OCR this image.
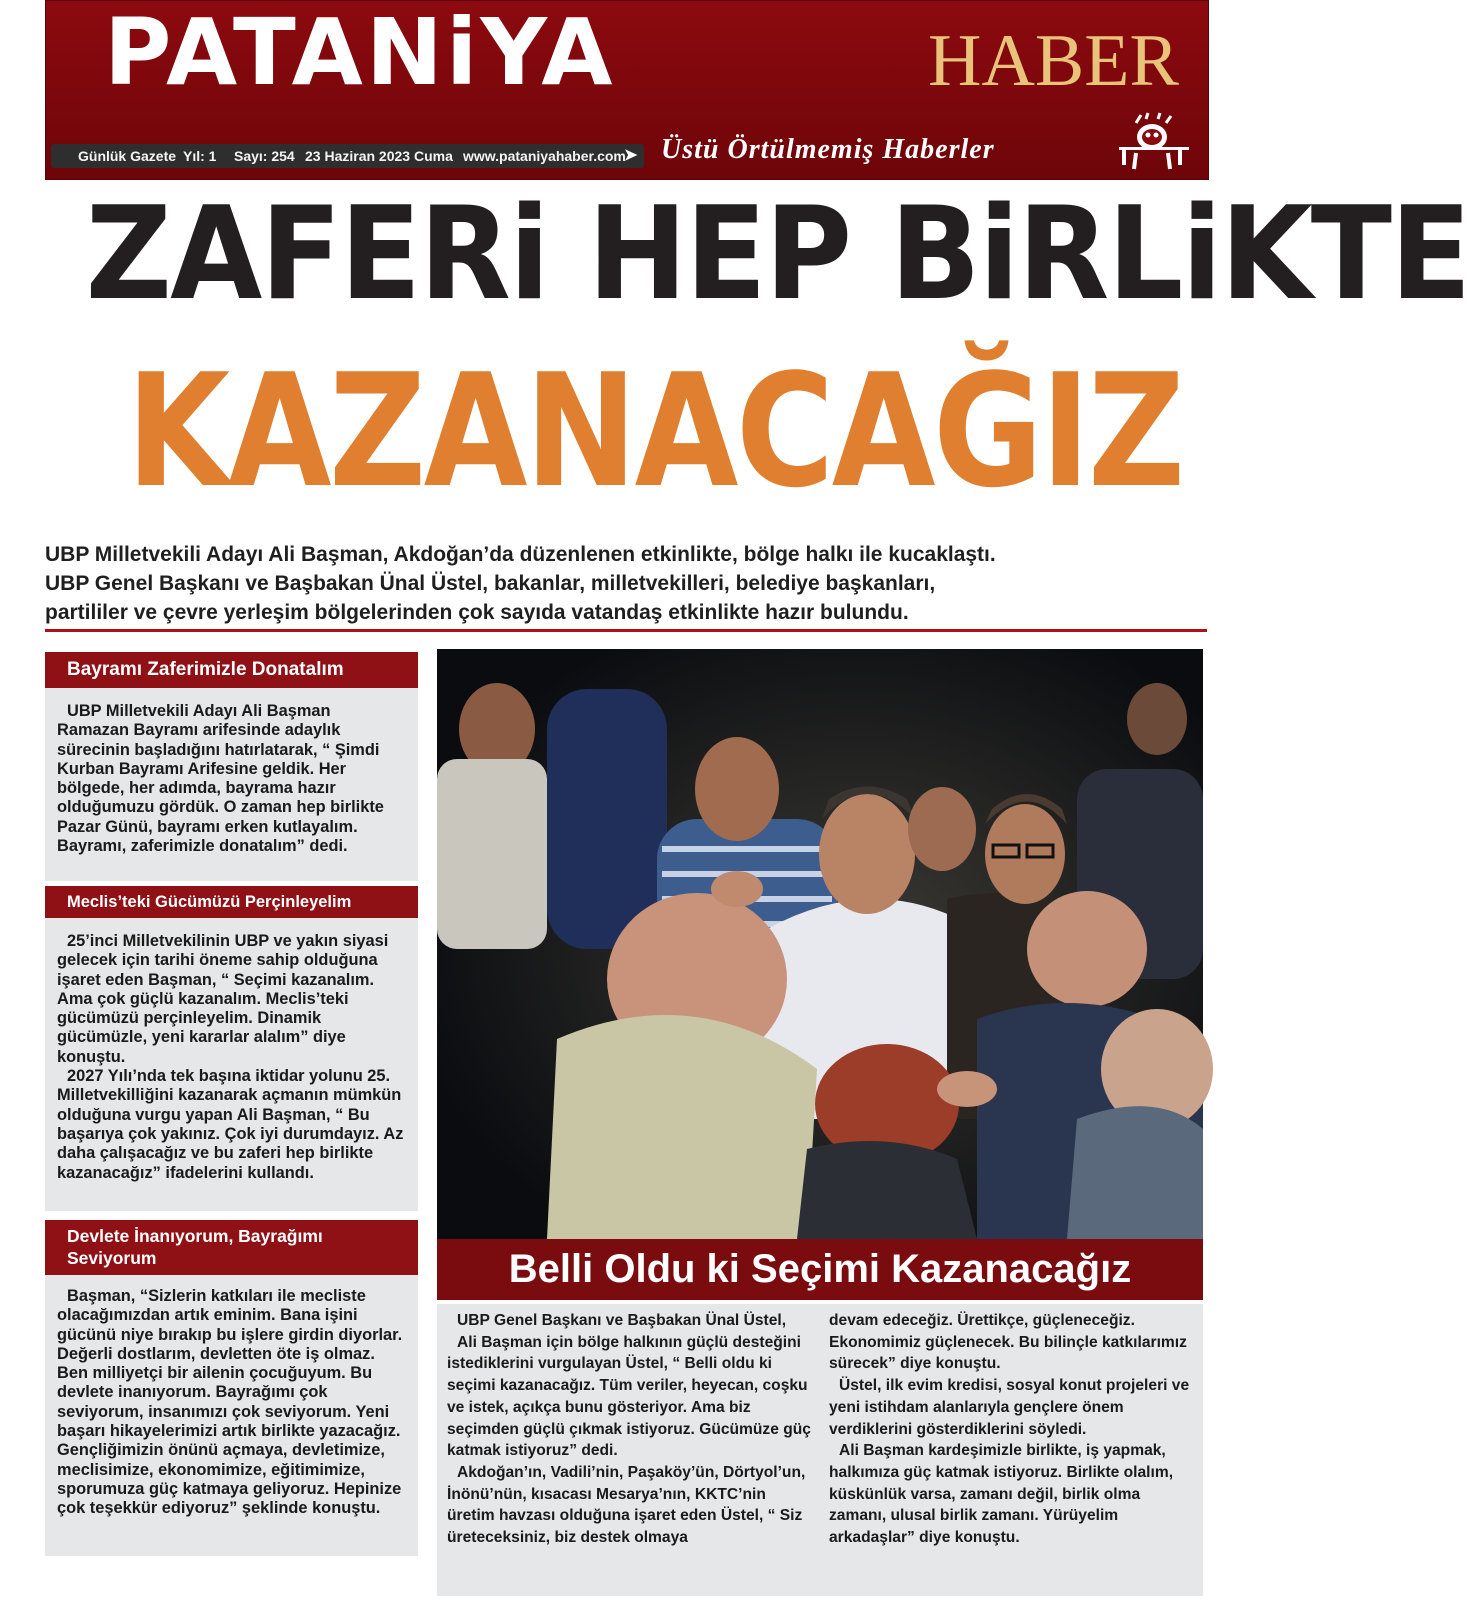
PATANiYA	HABER
Günlük Gazete Yıl: 1 Sayı: 254 23 Haziran 2023 Cuma www.pataniyahaber.com
➤ Üstü Örtülmemiş Haberler
ZAFERi HEP BiRLiKTE
KAZANACAĞIZ
UBP Milletvekili Adayı Ali Başman, Akdoğan’da düzenlenen etkinlikte, bölge halkı ile kucaklaştı.
UBP Genel Başkanı ve Başbakan Ünal Üstel, bakanlar, milletvekilleri, belediye başkanları,
partililer ve çevre yerleşim bölgelerinden çok sayıda vatandaş etkinlikte hazır bulundu.
Bayramı Zaferimizle Donatalım

UBP Milletvekili Adayı Ali Başman Ramazan Bayramı arifesinde adaylık sürecinin başladığını hatırlatarak, “ Şimdi Kurban Bayramı Arifesine geldik. Her bölgede, her adımda, bayrama hazır olduğumuzu gördük. O zaman hep birlikte Pazar Günü, bayramı erken kutlayalım. Bayramı, zaferimizle donatalım” dedi.

Meclis’teki Gücümüzü Perçinleyelim

25’inci Milletvekilinin UBP ve yakın siyasi gelecek için tarihi öneme sahip olduğuna işaret eden Başman, “ Seçimi kazanalım. Ama çok güçlü kazanalım. Meclis’teki gücümüzü perçinleyelim. Dinamik gücümüzle, yeni kararlar alalım” diye konuştu.

2027 Yılı’nda tek başına iktidar yolunu 25. Milletvekilliğini kazanarak açmanın mümkün olduğuna vurgu yapan Ali Başman, “ Bu başarıya çok yakınız. Çok iyi durumdayız. Az daha çalışacağız ve bu zaferi hep birlikte kazanacağız” ifadelerini kullandı.

Devlete İnanıyorum, Bayrağımı Seviyorum

Başman, “Sizlerin katkıları ile mecliste olacağımızdan artık eminim. Bana işini gücünü niye bırakıp bu işlere girdin diyorlar. Değerli dostlarım, devletten öte iş olmaz. Ben milliyetçi bir ailenin çocuğuyum. Bu devlete inanıyorum. Bayrağımı çok seviyorum, insanımızı çok seviyorum. Yeni başarı hikayelerimizi artık birlikte yazacağız. Gençliğimizin önünü açmaya, devletimize, meclisimize, ekonomimize, eğitimimize, sporumuza güç katmaya geliyoruz. Hepinize çok teşekkür ediyoruz” şeklinde konuştu.

Belli Oldu ki Seçimi Kazanacağız

UBP Genel Başkanı ve Başbakan Ünal Üstel,

Ali Başman için bölge halkının güçlü desteğini istediklerini vurgulayan Üstel, “ Belli oldu ki seçimi kazanacağız. Tüm veriler, heyecan, coşku ve istek, açıkça bunu gösteriyor. Ama biz seçimden güçlü çıkmak istiyoruz. Gücümüze güç katmak istiyoruz” dedi.

Akdoğan’ın, Vadili’nin, Paşaköy’ün, Dörtyol’un, İnönü’nün, kısacası Mesarya’nın, KKTC’nin üretim havzası olduğuna işaret eden Üstel, “ Siz üreteceksiniz, biz destek olmaya

devam edeceğiz. Ürettikçe, güçleneceğiz. Ekonomimiz güçlenecek. Bu bilinçle katkılarımız sürecek” diye konuştu.

Üstel, ilk evim kredisi, sosyal konut projeleri ve yeni istihdam alanlarıyla gençlere önem verdiklerini gösterdiklerini söyledi.

Ali Başman kardeşimizle birlikte, iş yapmak, halkımıza güç katmak istiyoruz. Birlikte olalım, küskünlük varsa, zamanı değil, birlik olma zamanı, ulusal birlik zamanı. Yürüyelim arkadaşlar” diye konuştu.
